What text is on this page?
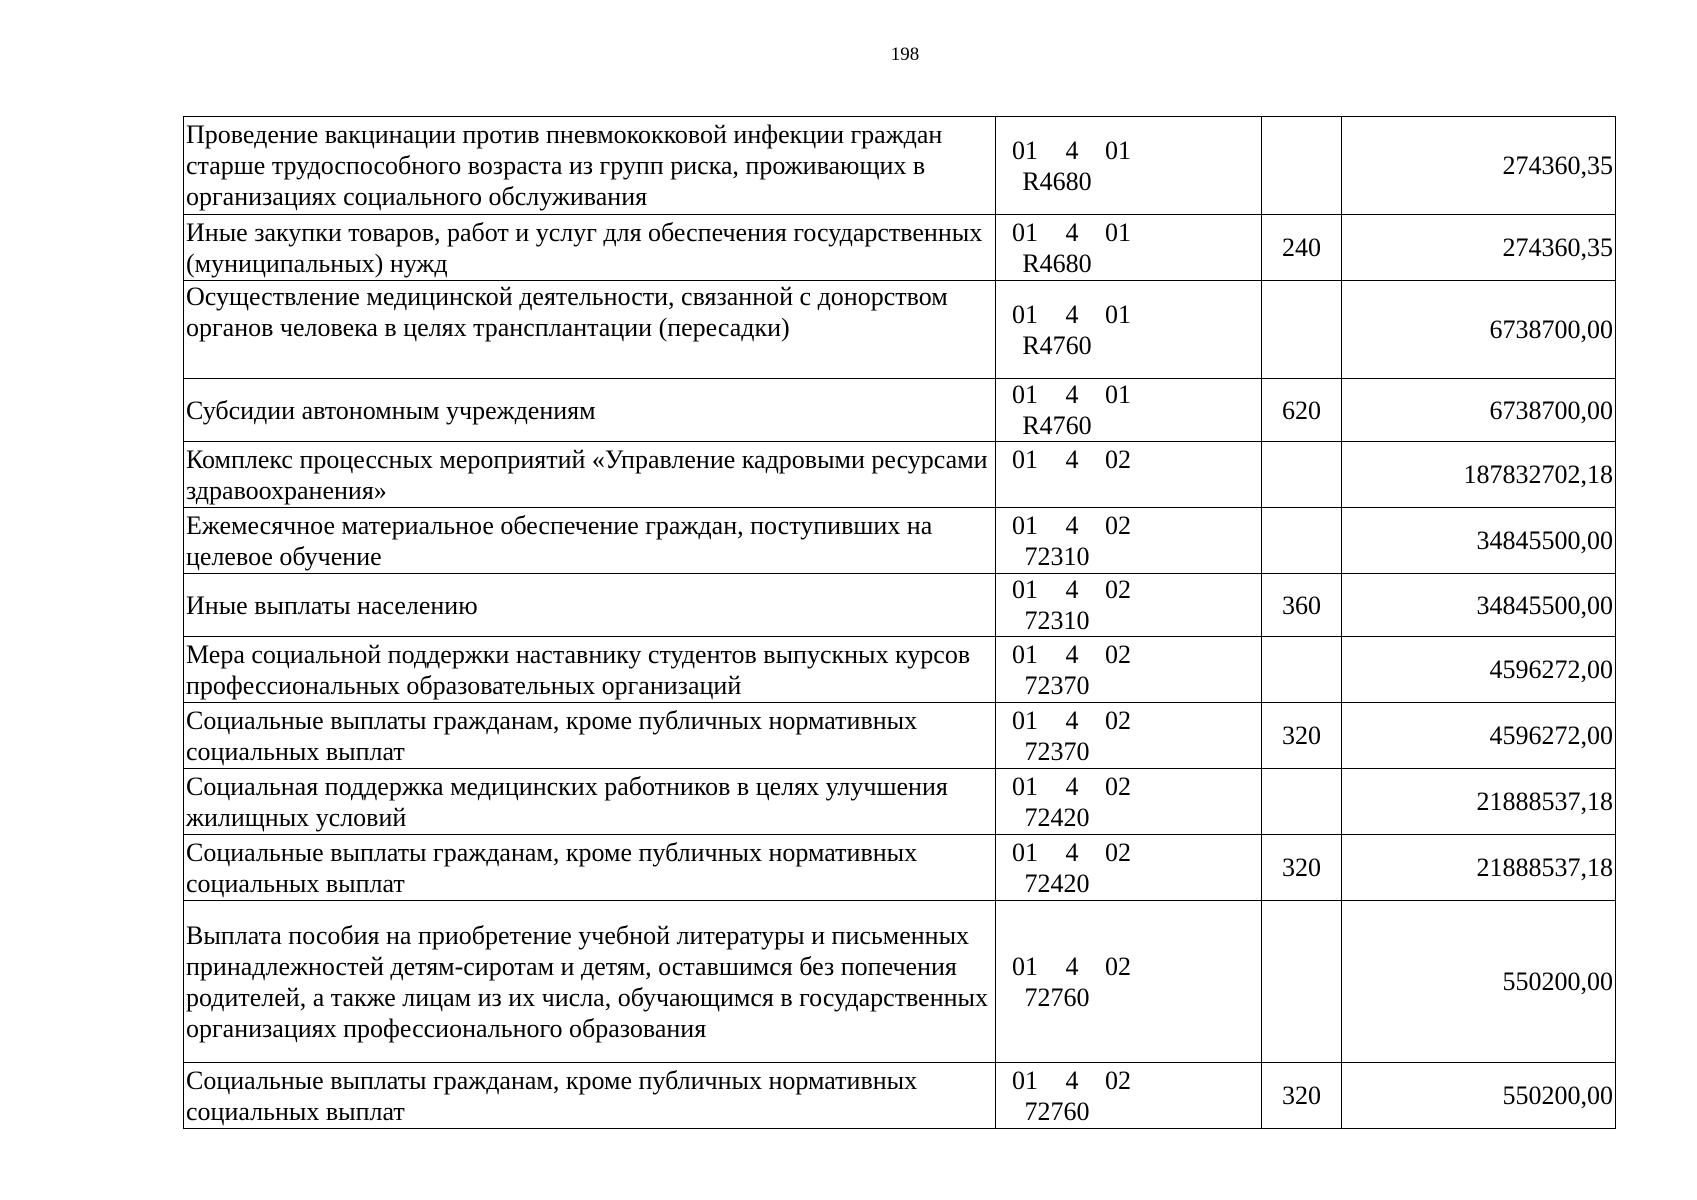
198
Проведение вакцинации против пневмококковой инфекции граждан старше трудоспособного возраста из групп риска, проживающих в организациях социального обслуживания	01 4 01R4680		274360,35
Иные закупки товаров, работ и услуг для обеспечения государственных (муниципальных) нужд	01 4 01R4680	240	274360,35
Осуществление медицинской деятельности, связанной с донорством органов человека в целях трансплантации (пересадки)	01 4 01R4760		6738700,00
Субсидии автономным учреждениям	01 4 01R4760	620	6738700,00
Комплекс процессных мероприятий «Управление кадровыми ресурсами здравоохранения»	01 4 02		187832702,18
Ежемесячное материальное обеспечение граждан, поступивших на целевое обучение	01 4 0272310		34845500,00
Иные выплаты населению	01 4 0272310	360	34845500,00
Мера социальной поддержки наставнику студентов выпускных курсов профессиональных образовательных организаций	01 4 0272370		4596272,00
Социальные выплаты гражданам, кроме публичных нормативных социальных выплат	01 4 0272370	320	4596272,00
Социальная поддержка медицинских работников в целях улучшения жилищных условий	01 4 0272420		21888537,18
Социальные выплаты гражданам, кроме публичных нормативных социальных выплат	01 4 0272420	320	21888537,18
Выплата пособия на приобретение учебной литературы и письменных принадлежностей детям-сиротам и детям, оставшимся без попечения родителей, а также лицам из их числа, обучающимся в государственных организациях профессионального образования	01 4 0272760		550200,00
Социальные выплаты гражданам, кроме публичных нормативных социальных выплат	01 4 0272760	320	550200,00
